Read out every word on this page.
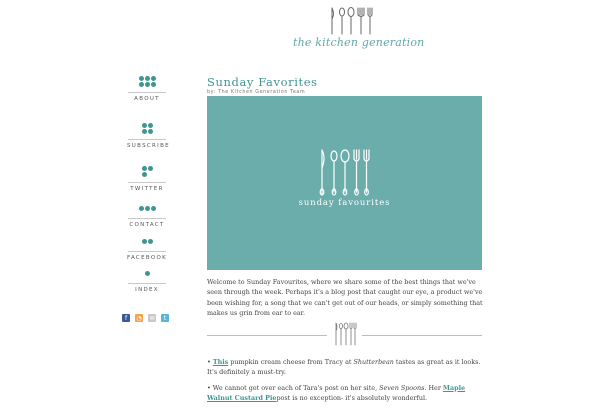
the kitchen generation
ABOUT
SUBSCRIBE
TWITTER
CONTACT
FACEBOOK
INDEX
f	◔ ✉	t
Sunday Favorites
by: The Kitchen Generation Team
sunday favourites

Welcome to Sunday Favourites, where we share some of the best things that we've seen through the week. Perhaps it's a blog post that caught our eye, a product we've been wishing for, a song that we can't get out of our heads, or simply something that makes us grin from ear to ear.

• This pumpkin cream cheese from Tracy at Shutterbean tastes as great as it looks. It's definitely a must-try.

• We cannot get over each of Tara's post on her site, Seven Spoons. Her Maple Walnut Custard Piepost is no exception- it's absolutely wonderful.
